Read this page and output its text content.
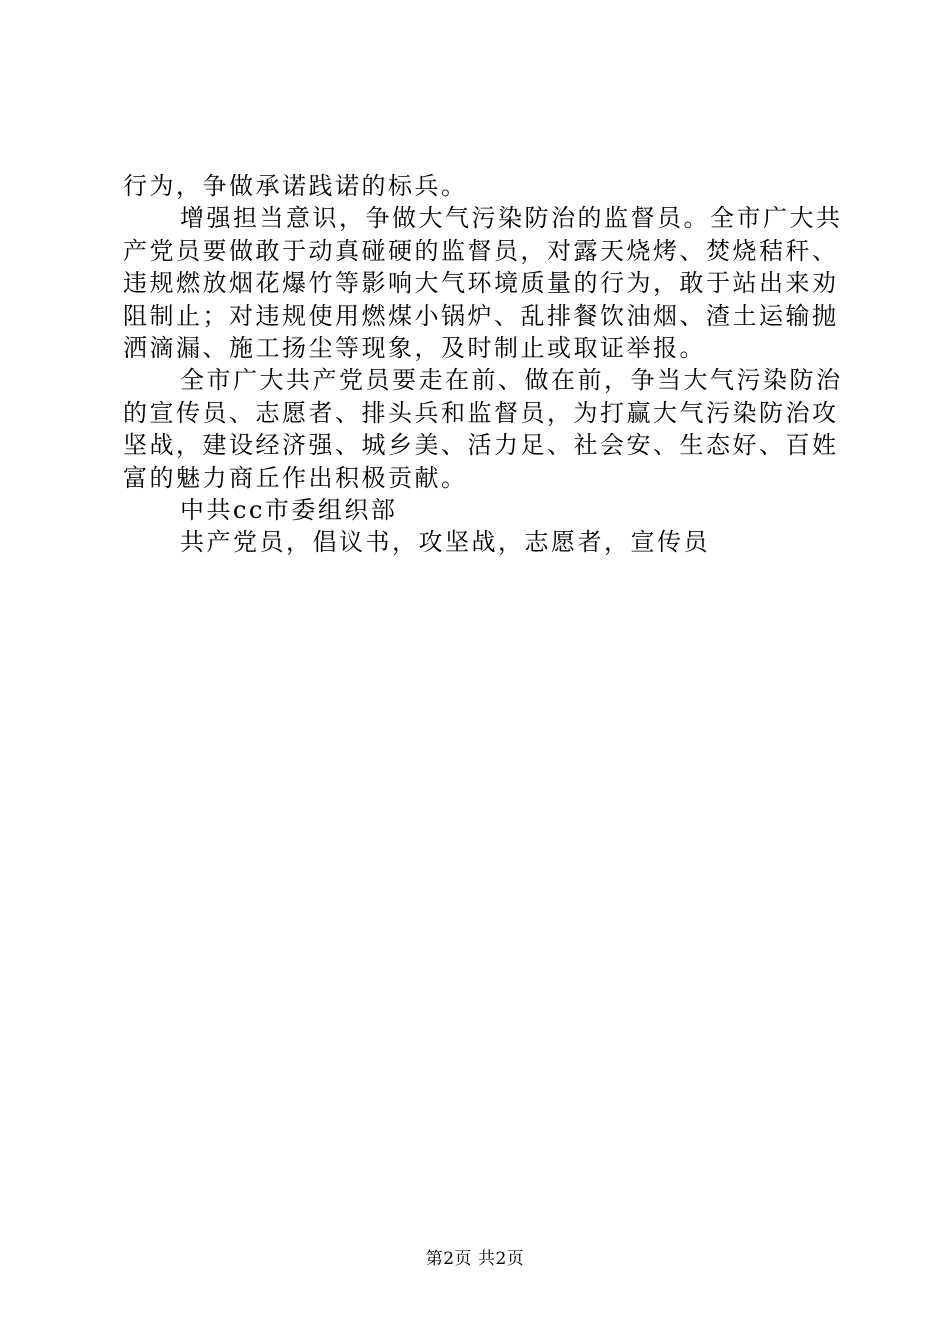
行为，争做承诺践诺的标兵。
增强担当意识，争做大气污染防治的监督员。全市广大共
产党员要做敢于动真碰硬的监督员，对露天烧烤、焚烧秸秆、
违规燃放烟花爆竹等影响大气环境质量的行为，敢于站出来劝
阻制止；对违规使用燃煤小锅炉、乱排餐饮油烟、渣土运输抛
洒滴漏、施工扬尘等现象，及时制止或取证举报。
全市广大共产党员要走在前、做在前，争当大气污染防治
的宣传员、志愿者、排头兵和监督员，为打赢大气污染防治攻
坚战，建设经济强、城乡美、活力足、社会安、生态好、百姓
富的魅力商丘作出积极贡献。
中共cc市委组织部
共产党员，倡议书，攻坚战，志愿者，宣传员
第2页 共2页
